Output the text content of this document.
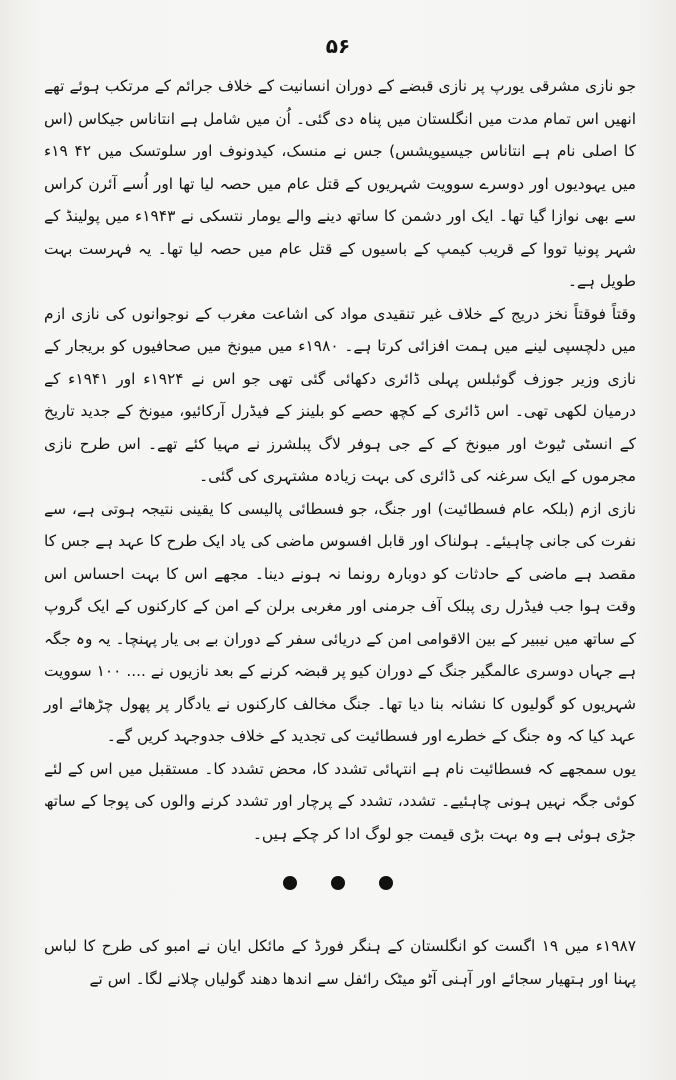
۵۶

جو نازی مشرقی یورپ پر نازی قبضے کے دوران انسانیت کے خلاف جرائم کے مرتکب ہوئے تھے انھیں اس تمام مدت میں انگلستان میں پناہ دی گئی۔ اُن میں شامل ہے انتاناس جیکاس (اس کا اصلی نام ہے انتاناس جیسیویشس) جس نے منسک، کیدونوف اور سلوتسک میں ۴۲ ۱۹ء میں یہودیوں اور دوسرے سوویت شہریوں کے قتل عام میں حصہ لیا تھا اور اُسے آئرن کراس سے بھی نوازا گیا تھا۔ ایک اور دشمن کا ساتھ دینے والے یومار نتسکی نے ۱۹۴۳ء میں پولینڈ کے شہر پونیا تووا کے قریب کیمپ کے باسیوں کے قتل عام میں حصہ لیا تھا۔ یہ فہرست بہت طویل ہے۔

وقتاً فوقتاً نخز دریج کے خلاف غیر تنقیدی مواد کی اشاعت مغرب کے نوجوانوں کی نازی ازم میں دلچسپی لینے میں ہمت افزائی کرتا ہے۔ ۱۹۸۰ء میں میونخ میں صحافیوں کو بریجار کے نازی وزیر جوزف گوئبلس پہلی ڈائری دکھائی گئی تھی جو اس نے ۱۹۲۴ء اور ۱۹۴۱ء کے درمیان لکھی تھی۔ اس ڈائری کے کچھ حصے کو بلینز کے فیڈرل آرکائیو، میونخ کے جدید تاریخ کے انسٹی ٹیوٹ اور میونخ کے کے جی ہوفر لاگ پبلشرز نے مہیا کئے تھے۔ اس طرح نازی مجرموں کے ایک سرغنہ کی ڈائری کی بہت زیادہ مشتہری کی گئی۔

نازی ازم (بلکہ عام فسطائیت) اور جنگ، جو فسطائی پالیسی کا یقینی نتیجہ ہوتی ہے، سے نفرت کی جانی چاہیئے۔ ہولناک اور قابل افسوس ماضی کی یاد ایک طرح کا عہد ہے جس کا مقصد ہے ماضی کے حادثات کو دوبارہ رونما نہ ہونے دینا۔ مجھے اس کا بہت احساس اس وقت ہوا جب فیڈرل ری پبلک آف جرمنی اور مغربی برلن کے امن کے کارکنوں کے ایک گروپ کے ساتھ میں نیبیر کے بین الاقوامی امن کے دریائی سفر کے دوران بے بی یار پہنچا۔ یہ وہ جگہ ہے جہاں دوسری عالمگیر جنگ کے دوران کیو پر قبضہ کرنے کے بعد نازیوں نے .... ۱۰۰ سوویت شہریوں کو گولیوں کا نشانہ بنا دیا تھا۔ جنگ مخالف کارکنوں نے یادگار پر پھول چڑھائے اور عہد کیا کہ وہ جنگ کے خطرے اور فسطائیت کی تجدید کے خلاف جدوجہد کریں گے۔

یوں سمجھے کہ فسطائیت نام ہے انتہائی تشدد کا، محض تشدد کا۔ مستقبل میں اس کے لئے کوئی جگہ نہیں ہونی چاہئیے۔ تشدد، تشدد کے پرچار اور تشدد کرنے والوں کی پوجا کے ساتھ جڑی ہوئی ہے وہ بہت بڑی قیمت جو لوگ ادا کر چکے ہیں۔

۱۹۸۷ء میں ۱۹ اگست کو انگلستان کے ہنگر فورڈ کے مائکل ایان نے امبو کی طرح کا لباس پہنا اور ہتھیار سجائے اور آہنی آٹو میٹک رائفل سے اندھا دھند گولیاں چلانے لگا۔ اس تے
